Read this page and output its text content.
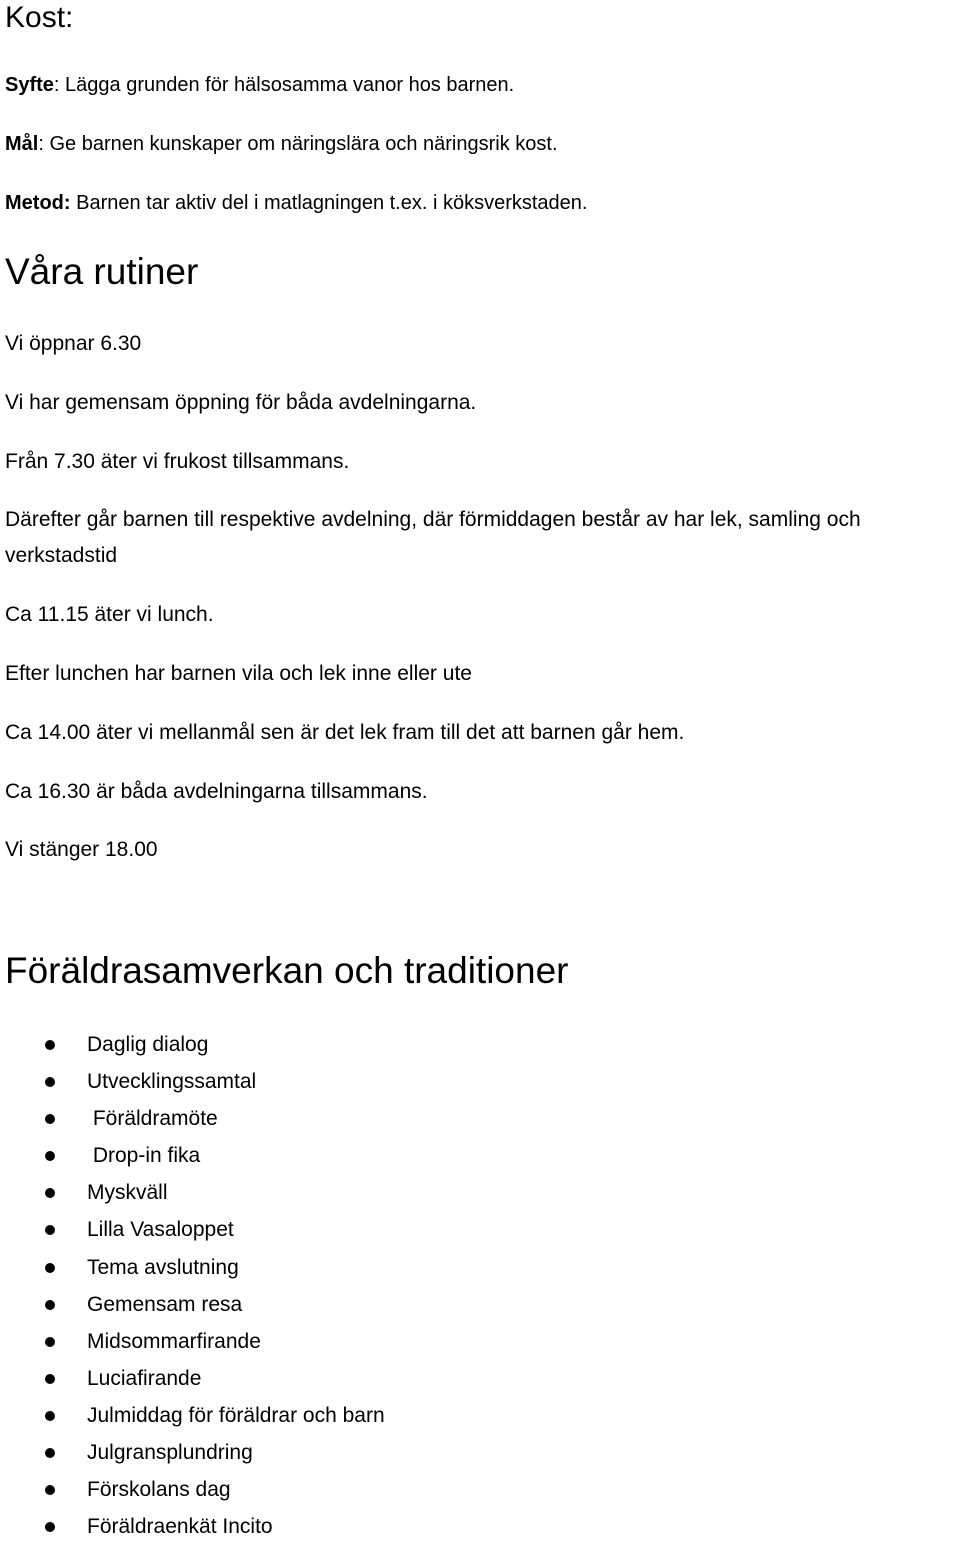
Kost:
Syfte: Lägga grunden för hälsosamma vanor hos barnen.
Mål: Ge barnen kunskaper om näringslära och näringsrik kost.
Metod: Barnen tar aktiv del i matlagningen t.ex. i köksverkstaden.
Våra rutiner
Vi öppnar 6.30
Vi har gemensam öppning för båda avdelningarna.
Från 7.30 äter vi frukost tillsammans.
Därefter går barnen till respektive avdelning, där förmiddagen består av har lek, samling och verkstadstid
Ca 11.15 äter vi lunch.
Efter lunchen har barnen vila och lek inne eller ute
Ca 14.00 äter vi mellanmål sen är det lek fram till det att barnen går hem.
Ca 16.30 är båda avdelningarna tillsammans.
Vi stänger 18.00
Föräldrasamverkan och traditioner
Daglig dialog
Utvecklingssamtal
Föräldramöte
Drop-in fika
Myskväll
Lilla Vasaloppet
Tema avslutning
Gemensam resa
Midsommarfirande
Luciafirande
Julmiddag för föräldrar och barn
Julgransplundring
Förskolans dag
Föräldraenkät Incito
